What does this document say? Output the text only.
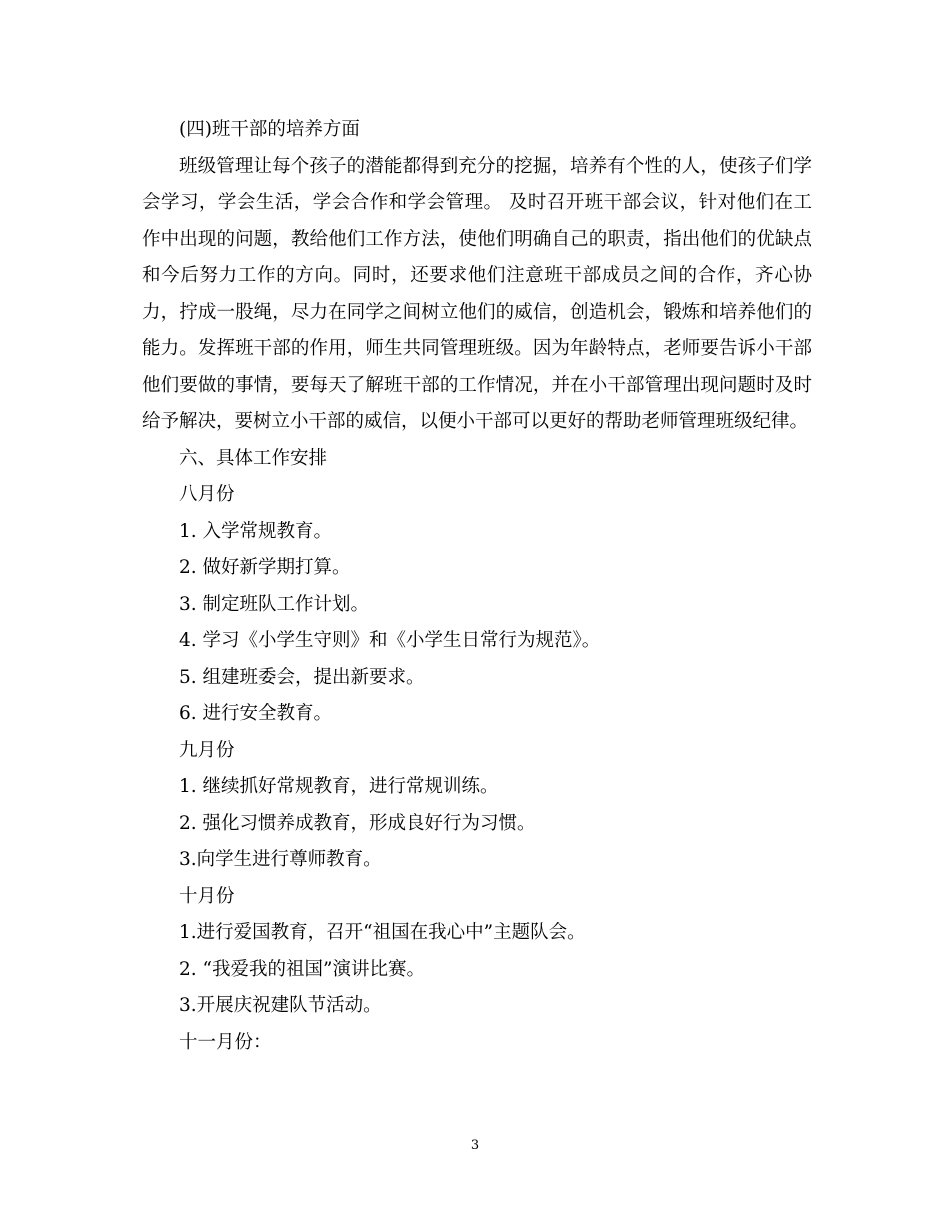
(四)班干部的培养方面
班级管理让每个孩子的潜能都得到充分的挖掘，培养有个性的人，使孩子们学会学习，学会生活，学会合作和学会管理。 及时召开班干部会议，针对他们在工作中出现的问题，教给他们工作方法，使他们明确自己的职责，指出他们的优缺点和今后努力工作的方向。同时，还要求他们注意班干部成员之间的合作，齐心协力，拧成一股绳，尽力在同学之间树立他们的威信，创造机会，锻炼和培养他们的能力。发挥班干部的作用，师生共同管理班级。因为年龄特点，老师要告诉小干部他们要做的事情，要每天了解班干部的工作情况，并在小干部管理出现问题时及时给予解决，要树立小干部的威信，以便小干部可以更好的帮助老师管理班级纪律。
六、具体工作安排
八月份
1. 入学常规教育。
2. 做好新学期打算。
3. 制定班队工作计划。
4. 学习《小学生守则》和《小学生日常行为规范》。
5. 组建班委会，提出新要求。
6. 进行安全教育。
九月份
1. 继续抓好常规教育，进行常规训练。
2. 强化习惯养成教育，形成良好行为习惯。
3.向学生进行尊师教育。
十月份
1.进行爱国教育，召开“祖国在我心中”主题队会。
2. “我爱我的祖国”演讲比赛。
3.开展庆祝建队节活动。
十一月份：
3
